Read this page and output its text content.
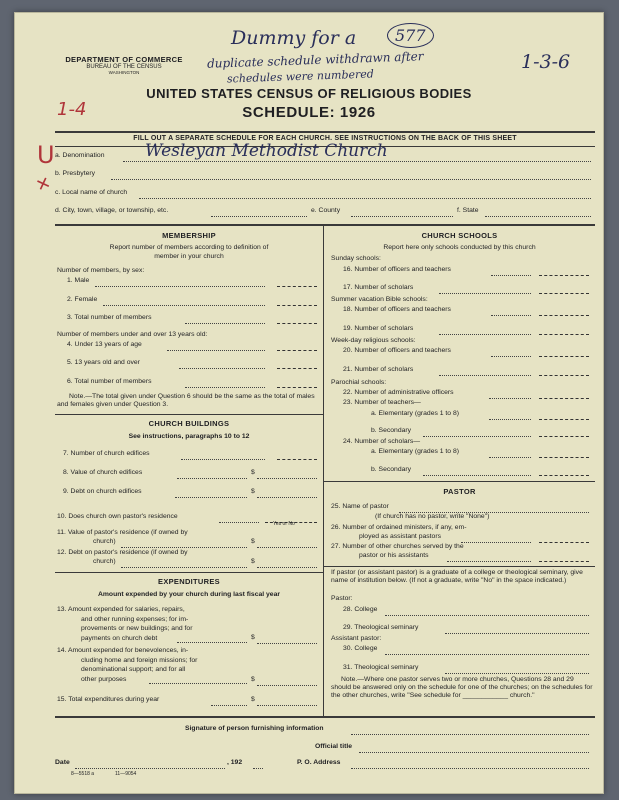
DEPARTMENT OF COMMERCE
BUREAU OF THE CENSUS
WASHINGTON
Dummy for a	577
duplicate schedule withdrawn after
schedules were numbered
1-3-6
1-4
U
+
UNITED STATES CENSUS OF RELIGIOUS BODIES
SCHEDULE: 1926
FILL OUT A SEPARATE SCHEDULE FOR EACH CHURCH. SEE INSTRUCTIONS ON THE BACK OF THIS SHEET
a. Denomination Wesleyan Methodist Church
b. Presbytery
c. Local name of church
d. City, town, village, or township, etc.	e. County	f. State
MEMBERSHIP
Report number of members according to definition of
member in your church
Number of members, by sex:
1. Male
2. Female
3. Total number of members
Number of members under and over 13 years old:
4. Under 13 years of age
5. 13 years old and over
6. Total number of members
Note.—The total given under Question 6 should be the same as the total of males and females given under Question 3.
CHURCH BUILDINGS
See instructions, paragraphs 10 to 12
7. Number of church edifices
8. Value of church edifices	$
9. Debt on church edifices	$
10. Does church own pastor's residence
Yes or No
11. Value of pastor's residence (if owned by
church)	$
12. Debt on pastor's residence (if owned by
church)	$
EXPENDITURES
Amount expended by your church during last fiscal year
13. Amount expended for salaries, repairs,
and other running expenses; for im-
provements or new buildings; and for
payments on church debt	$
14. Amount expended for benevolences, in-
cluding home and foreign missions; for
denominational support; and for all
other purposes	$
15. Total expenditures during year	$
CHURCH SCHOOLS
Report here only schools conducted by this church
Sunday schools:
16. Number of officers and teachers
17. Number of scholars
Summer vacation Bible schools:
18. Number of officers and teachers
19. Number of scholars
Week-day religious schools:
20. Number of officers and teachers
21. Number of scholars
Parochial schools:
22. Number of administrative officers
23. Number of teachers—
a. Elementary (grades 1 to 8)
b. Secondary
24. Number of scholars—
a. Elementary (grades 1 to 8)
b. Secondary
PASTOR
25. Name of pastor
(If church has no pastor, write "None")
26. Number of ordained ministers, if any, em-
ployed as assistant pastors
27. Number of other churches served by the
pastor or his assistants
If pastor (or assistant pastor) is a graduate of a college or theological seminary, give name of institution below. (If not a graduate, write "No" in the space indicated.)
Pastor:
28. College
29. Theological seminary
Assistant pastor:
30. College
31. Theological seminary
Note.—Where one pastor serves two or more churches, Questions 28 and 29 should be answered only on the schedule for one of the churches; on the schedules for the other churches, write "See schedule for ____________ church."
Signature of person furnishing information
Official title
Date	, 192	P. O. Address
8—5518 a	11—9054
